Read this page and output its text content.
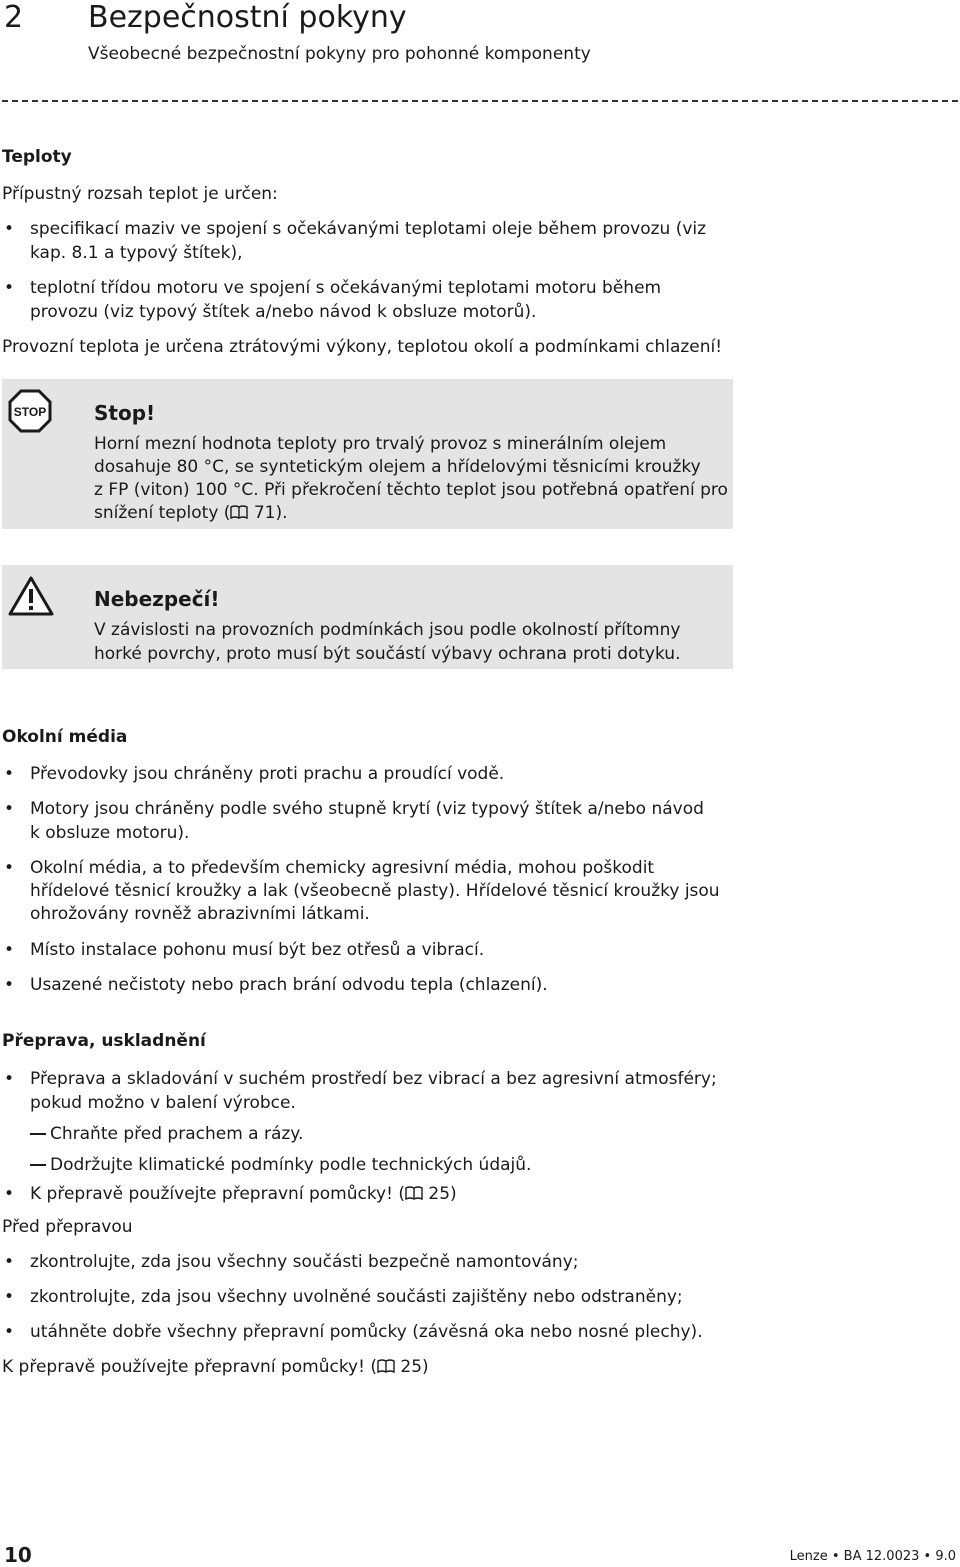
2 Bezpečnostní pokyny
Všeobecné bezpečnostní pokyny pro pohonné komponenty
Teploty
Přípustný rozsah teplot je určen:
• specifikací maziv ve spojení s očekávanými teplotami oleje během provozu (viz
kap. 8.1 a typový štítek),
• teplotní třídou motoru ve spojení s očekávanými teplotami motoru během
provozu (viz typový štítek a/nebo návod k obsluze motorů).
Provozní teplota je určena ztrátovými výkony, teplotou okolí a podmínkami chlazení!
STOP Stop!
Horní mezní hodnota teploty pro trvalý provoz s minerálním olejem
dosahuje 80 °C, se syntetickým olejem a hřídelovými těsnicími kroužky
z FP (viton) 100 °C. Při překročení těchto teplot jsou potřebná opatření pro
snížení teploty ( 71).
Nebezpečí!
V závislosti na provozních podmínkách jsou podle okolností přítomny
horké povrchy, proto musí být součástí výbavy ochrana proti dotyku.
Okolní média
• Převodovky jsou chráněny proti prachu a proudící vodě.
• Motory jsou chráněny podle svého stupně krytí (viz typový štítek a/nebo návod
k obsluze motoru).
• Okolní média, a to především chemicky agresivní média, mohou poškodit
hřídelové těsnicí kroužky a lak (všeobecně plasty). Hřídelové těsnicí kroužky jsou
ohrožovány rovněž abrazivními látkami.
• Místo instalace pohonu musí být bez otřesů a vibrací.
• Usazené nečistoty nebo prach brání odvodu tepla (chlazení).
Přeprava, uskladnění
• Přeprava a skladování v suchém prostředí bez vibrací a bez agresivní atmosféry;
pokud možno v balení výrobce.
Chraňte před prachem a rázy.
Dodržujte klimatické podmínky podle technických údajů.
• K přepravě používejte přepravní pomůcky! ( 25)
Před přepravou
• zkontrolujte, zda jsou všechny součásti bezpečně namontovány;
• zkontrolujte, zda jsou všechny uvolněné součásti zajištěny nebo odstraněny;
• utáhněte dobře všechny přepravní pomůcky (závěsná oka nebo nosné plechy).
K přepravě používejte přepravní pomůcky! ( 25)
10	Lenze • BA 12.0023 • 9.0
